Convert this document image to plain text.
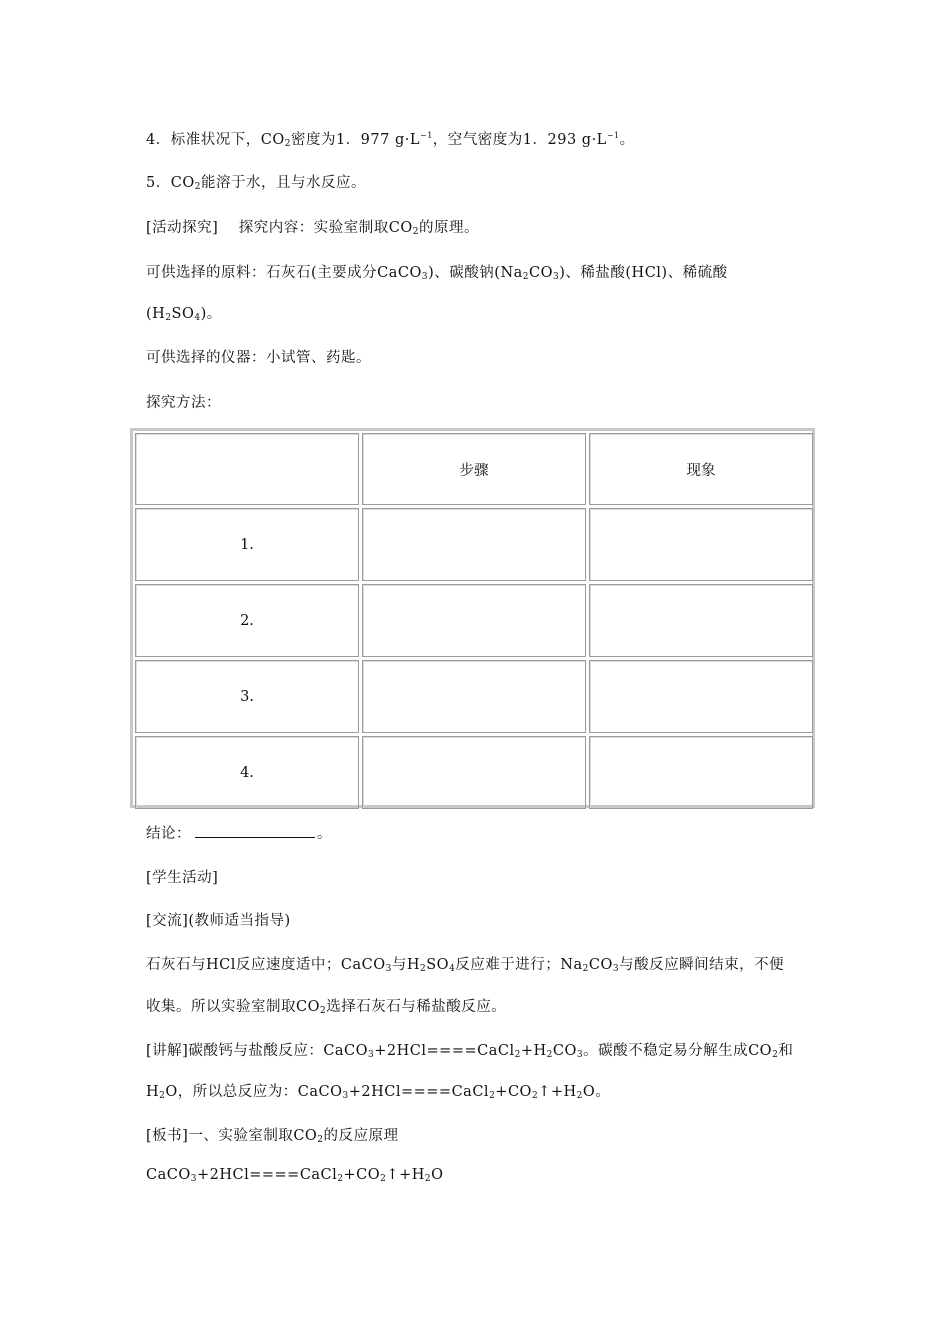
4．标准状况下，$CO_2$密度为1．977 $g\cdot L^{-1}$，空气密度为1．293 $g\cdot L^{-1}$。
5．$CO_2$能溶于水，且与水反应。
[活动探究] 探究内容：实验室制取$CO_2$的原理。
可供选择的原料：石灰石(主要成分CaCO$_3$)、碳酸钠$(Na_2CO_3)$、稀盐酸(HCl)、稀硫酸
$(H_2SO_4)$。
可供选择的仪器：小试管、药匙。
探究方法：
步骤	现象
1.
2.
3.
4.
结论：	。
[学生活动]
[交流](教师适当指导)
石灰石与HCl反应速度适中；CaCO$_3$与$H_2SO_4$反应难于进行；$Na_2CO_3$与酸反应瞬间结束，不便
收集。所以实验室制取$CO_2$选择石灰石与稀盐酸反应。
[讲解]碳酸钙与盐酸反应：$CaCO_3+2HCl====CaCl_2+H_2CO_3$。碳酸不稳定易分解生成$CO_2$和
$H_2O$，所以总反应为：$CaCO_3+2HCl====CaCl_2+CO_2↑+H_2O$。
[板书]一、实验室制取$CO_2$的反应原理
$CaCO_3+2HCl====CaCl_2+CO_2↑+H_2O$
